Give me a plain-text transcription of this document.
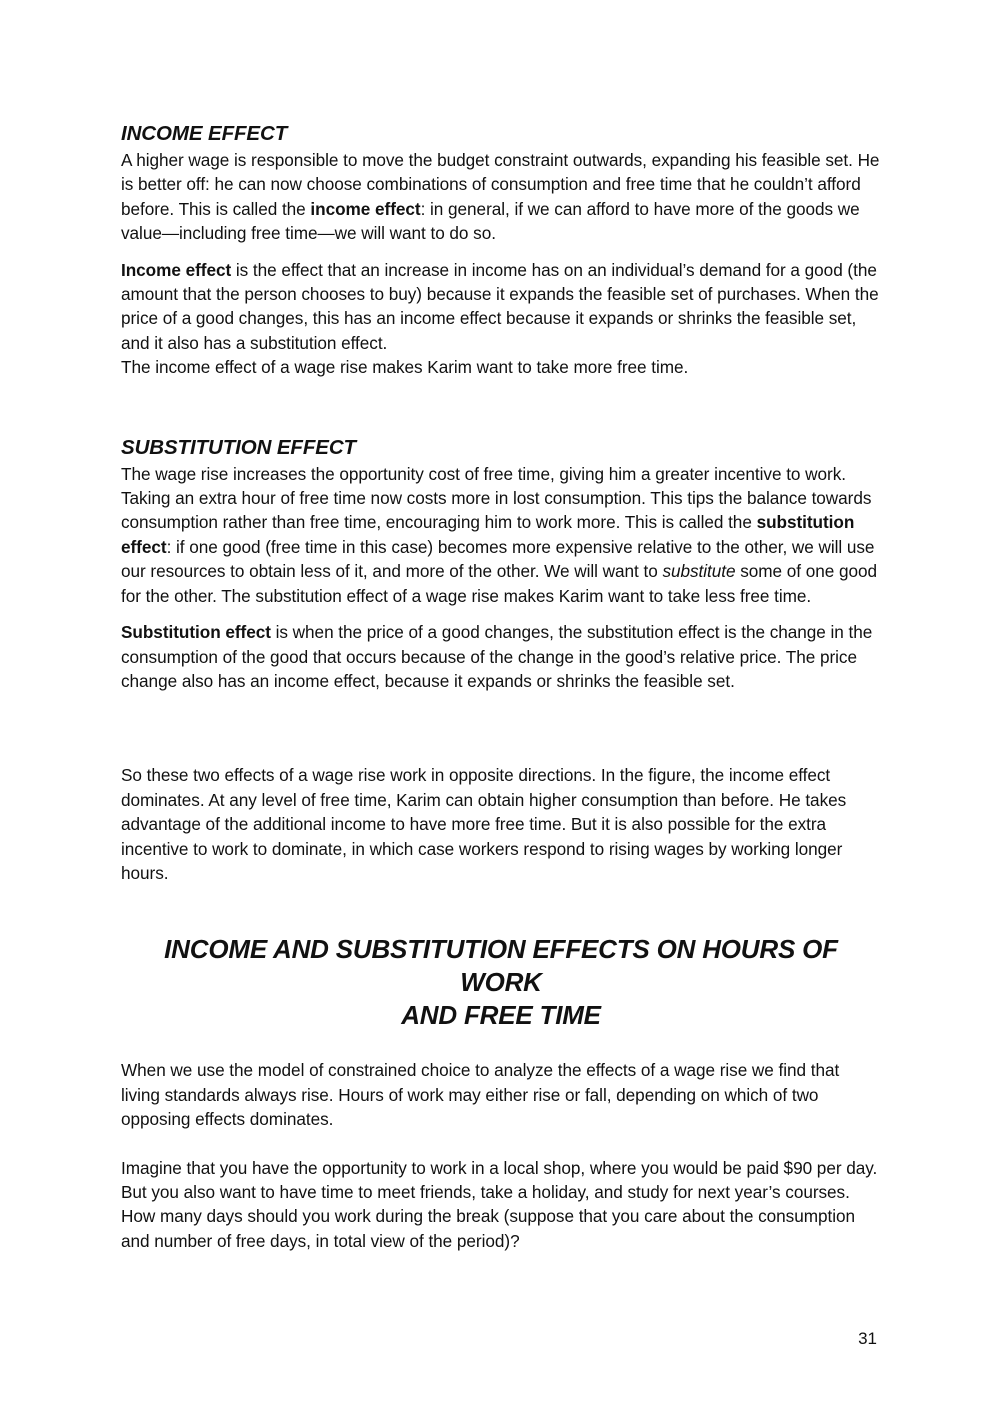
INCOME EFFECT

A higher wage is responsible to move the budget constraint outwards, expanding his feasible set. He is better off: he can now choose combinations of consumption and free time that he couldn’t afford before. This is called the income effect: in general, if we can afford to have more of the goods we value—including free time—we will want to do so.

Income effect is the effect that an increase in income has on an individual’s demand for a good (the amount that the person chooses to buy) because it expands the feasible set of purchases. When the price of a good changes, this has an income effect because it expands or shrinks the feasible set, and it also has a substitution effect.

The income effect of a wage rise makes Karim want to take more free time.

SUBSTITUTION EFFECT

The wage rise increases the opportunity cost of free time, giving him a greater incentive to work. Taking an extra hour of free time now costs more in lost consumption. This tips the balance towards consumption rather than free time, encouraging him to work more. This is called the substitution effect: if one good (free time in this case) becomes more expensive relative to the other, we will use our resources to obtain less of it, and more of the other. We will want to substitute some of one good for the other. The substitution effect of a wage rise makes Karim want to take less free time.

Substitution effect is when the price of a good changes, the substitution effect is the change in the consumption of the good that occurs because of the change in the good’s relative price. The price change also has an income effect, because it expands or shrinks the feasible set.

So these two effects of a wage rise work in opposite directions. In the figure, the income effect dominates. At any level of free time, Karim can obtain higher consumption than before. He takes advantage of the additional income to have more free time. But it is also possible for the extra incentive to work to dominate, in which case workers respond to rising wages by working longer hours.

INCOME AND SUBSTITUTION EFFECTS ON HOURS OF WORK
AND FREE TIME

When we use the model of constrained choice to analyze the effects of a wage rise we find that living standards always rise. Hours of work may either rise or fall, depending on which of two opposing effects dominates.

Imagine that you have the opportunity to work in a local shop, where you would be paid $90 per day. But you also want to have time to meet friends, take a holiday, and study for next year’s courses. How many days should you work during the break (suppose that you care about the consumption and number of free days, in total view of the period)?

31
